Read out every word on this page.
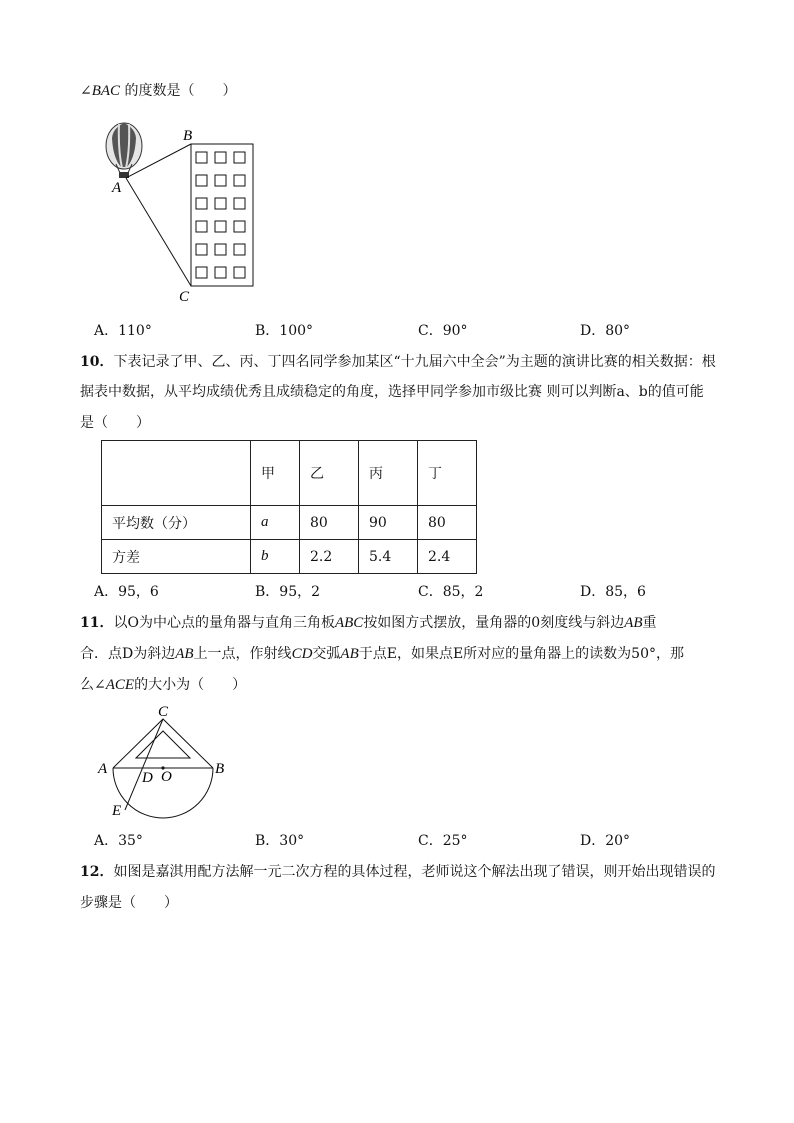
∠BAC 的度数是（　　）
B
A
C
A．110°	B．100°	C．90°	D．80°
10．下表记录了甲、乙、丙、丁四名同学参加某区“十九届六中全会”为主题的演讲比赛的相关数据：根
据表中数据，从平均成绩优秀且成绩稳定的角度，选择甲同学参加市级比赛 则可以判断a、b的值可能
是（　　）
	甲	乙	丙	丁
平均数（分）	a	80	90	80
方差	b	2.2	5.4	2.4
A．95，6	B．95，2	C．85，2	D．85，6
11．以O为中心点的量角器与直角三角板ABC按如图方式摆放，量角器的0刻度线与斜边AB重
合．点D为斜边AB上一点，作射线CD交弧AB于点E，如果点E所对应的量角器上的读数为50°，那
么∠ACE的大小为（　　）
C
A	B
D O
E
A．35°	B．30°	C．25°	D．20°
12．如图是嘉淇用配方法解一元二次方程的具体过程，老师说这个解法出现了错误，则开始出现错误的
步骤是（　　）
